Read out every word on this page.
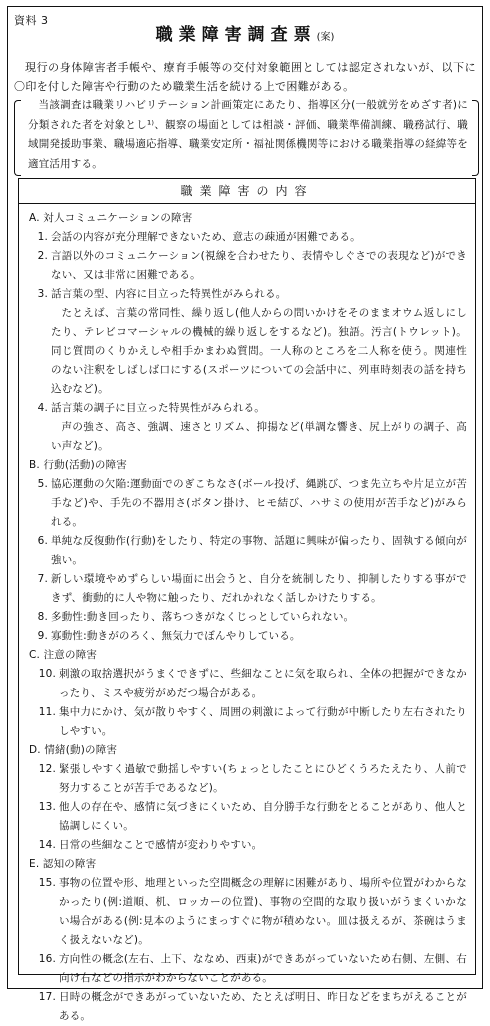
資料 3
職業障害調査票(案)
現行の身体障害者手帳や、療育手帳等の交付対象範囲としては認定されないが、以下に〇印を付した障害や行動のため職業生活を続ける上で困難がある。
当該調査は職業リハビリテーション計画策定にあたり、指導区分(一般就労をめざす者)に分類された者を対象とし¹⁾、観察の場面としては相談・評価、職業準備訓練、職務試行、職域開発援助事業、職場適応指導、職業安定所・福祉関係機関等における職業指導の経緯等を適宜活用する。
職業障害の内容
A. 対人コミュニケーションの障害
1. 会話の内容が充分理解できないため、意志の疎通が困難である。
2. 言語以外のコミュニケーション(視線を合わせたり、表情やしぐさでの表現など)ができない、又は非常に困難である。
3. 話言葉の型、内容に目立った特異性がみられる。
たとえば、言葉の常同性、繰り返し(他人からの問いかけをそのままオウム返しにしたり、テレビコマーシャルの機械的繰り返しをするなど)。独語。汚言(トウレット)。同じ質問のくりかえしや相手かまわぬ質問。一人称のところを二人称を使う。関連性のない注釈をしばしば口にする(スポーツについての会話中に、列車時刻表の話を持ち込むなど)。
4. 話言葉の調子に目立った特異性がみられる。
声の強さ、高さ、強調、速さとリズム、抑揚など(単調な響き、尻上がりの調子、高い声など)。
B. 行動(活動)の障害
5. 協応運動の欠陥:運動面でのぎこちなさ(ボール投げ、縄跳び、つま先立ちや片足立が苦手など)や、手先の不器用さ(ボタン掛け、ヒモ結び、ハサミの使用が苦手など)がみられる。
6. 単純な反復動作(行動)をしたり、特定の事物、話題に興味が偏ったり、固執する傾向が強い。
7. 新しい環境やめずらしい場面に出会うと、自分を統制したり、抑制したりする事ができず、衝動的に人や物に触ったり、だれかれなく話しかけたりする。
8. 多動性:動き回ったり、落ちつきがなくじっとしていられない。
9. 寡動性:動きがのろく、無気力でぼんやりしている。
C. 注意の障害
10. 刺激の取捨選択がうまくできずに、些細なことに気を取られ、全体の把握ができなかったり、ミスや疲労がめだつ場合がある。
11. 集中力にかけ、気が散りやすく、周囲の刺激によって行動が中断したり左右されたりしやすい。
D. 情緒(動)の障害
12. 緊張しやすく過敏で動揺しやすい(ちょっとしたことにひどくうろたえたり、人前で努力することが苦手であるなど)。
13. 他人の存在や、感情に気づきにくいため、自分勝手な行動をとることがあり、他人と協調しにくい。
14. 日常の些細なことで感情が変わりやすい。
E. 認知の障害
15. 事物の位置や形、地理といった空間概念の理解に困難があり、場所や位置がわからなかったり(例:道順、机、ロッカーの位置)、事物の空間的な取り扱いがうまくいかない場合がある(例:見本のようにまっすぐに物が積めない。皿は扱えるが、茶碗はうまく扱えないなど)。
16. 方向性の概念(左右、上下、ななめ、西東)ができあがっていないため右側、左側、右向け右などの指示がわからないことがある。
17. 日時の概念ができあがっていないため、たとえば明日、昨日などをまちがえることがある。
